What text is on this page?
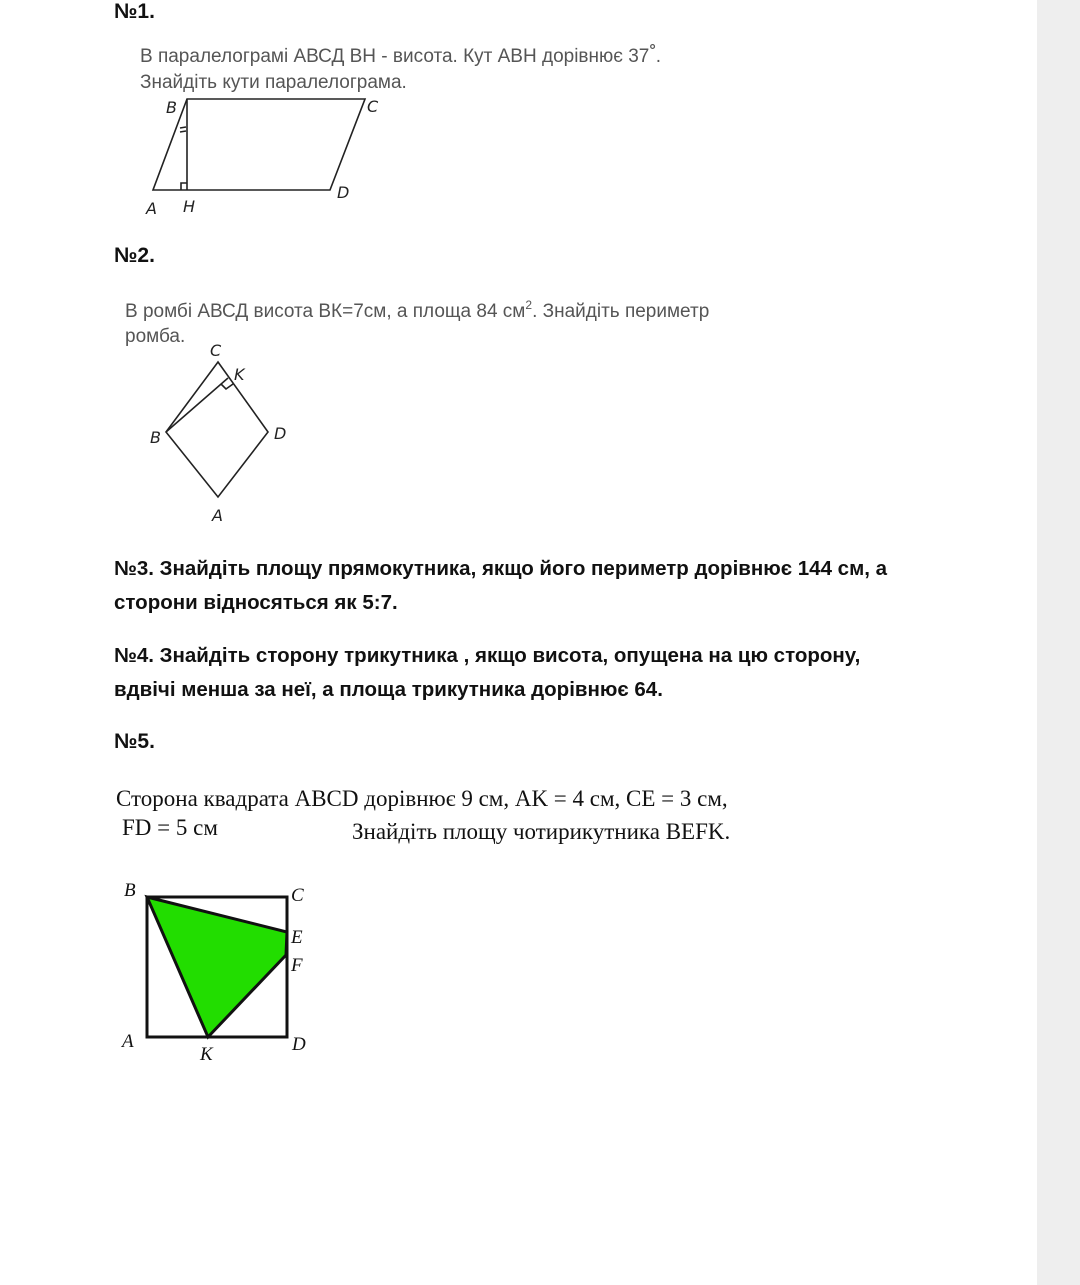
№1.
В паралелограмі АВСД ВН - висота. Кут АВН дорівнює 37°.
Знайдіть кути паралелограма.
B	C
A H
D
№2.
В ромбі АВСД висота ВК=7см, а площа 84 $см^2$. Знайдіть периметр
ромба.
C
K
B	D
A
№3. Знайдіть площу прямокутника, якщо його периметр дорівнює 144 см, а
сторони відносяться як 5:7.
№4. Знайдіть сторону трикутника , якщо висота, опущена на цю сторону,
вдвічі менша за неї, а площа трикутника дорівнює 64.
№5.
Сторона квадрата ABCD дорівнює 9 см, AK = 4 см, CE = 3 см,
FD = 5 см	Знайдіть площу чотирикутника BEFK.
B	C
E
F
A
K	D
